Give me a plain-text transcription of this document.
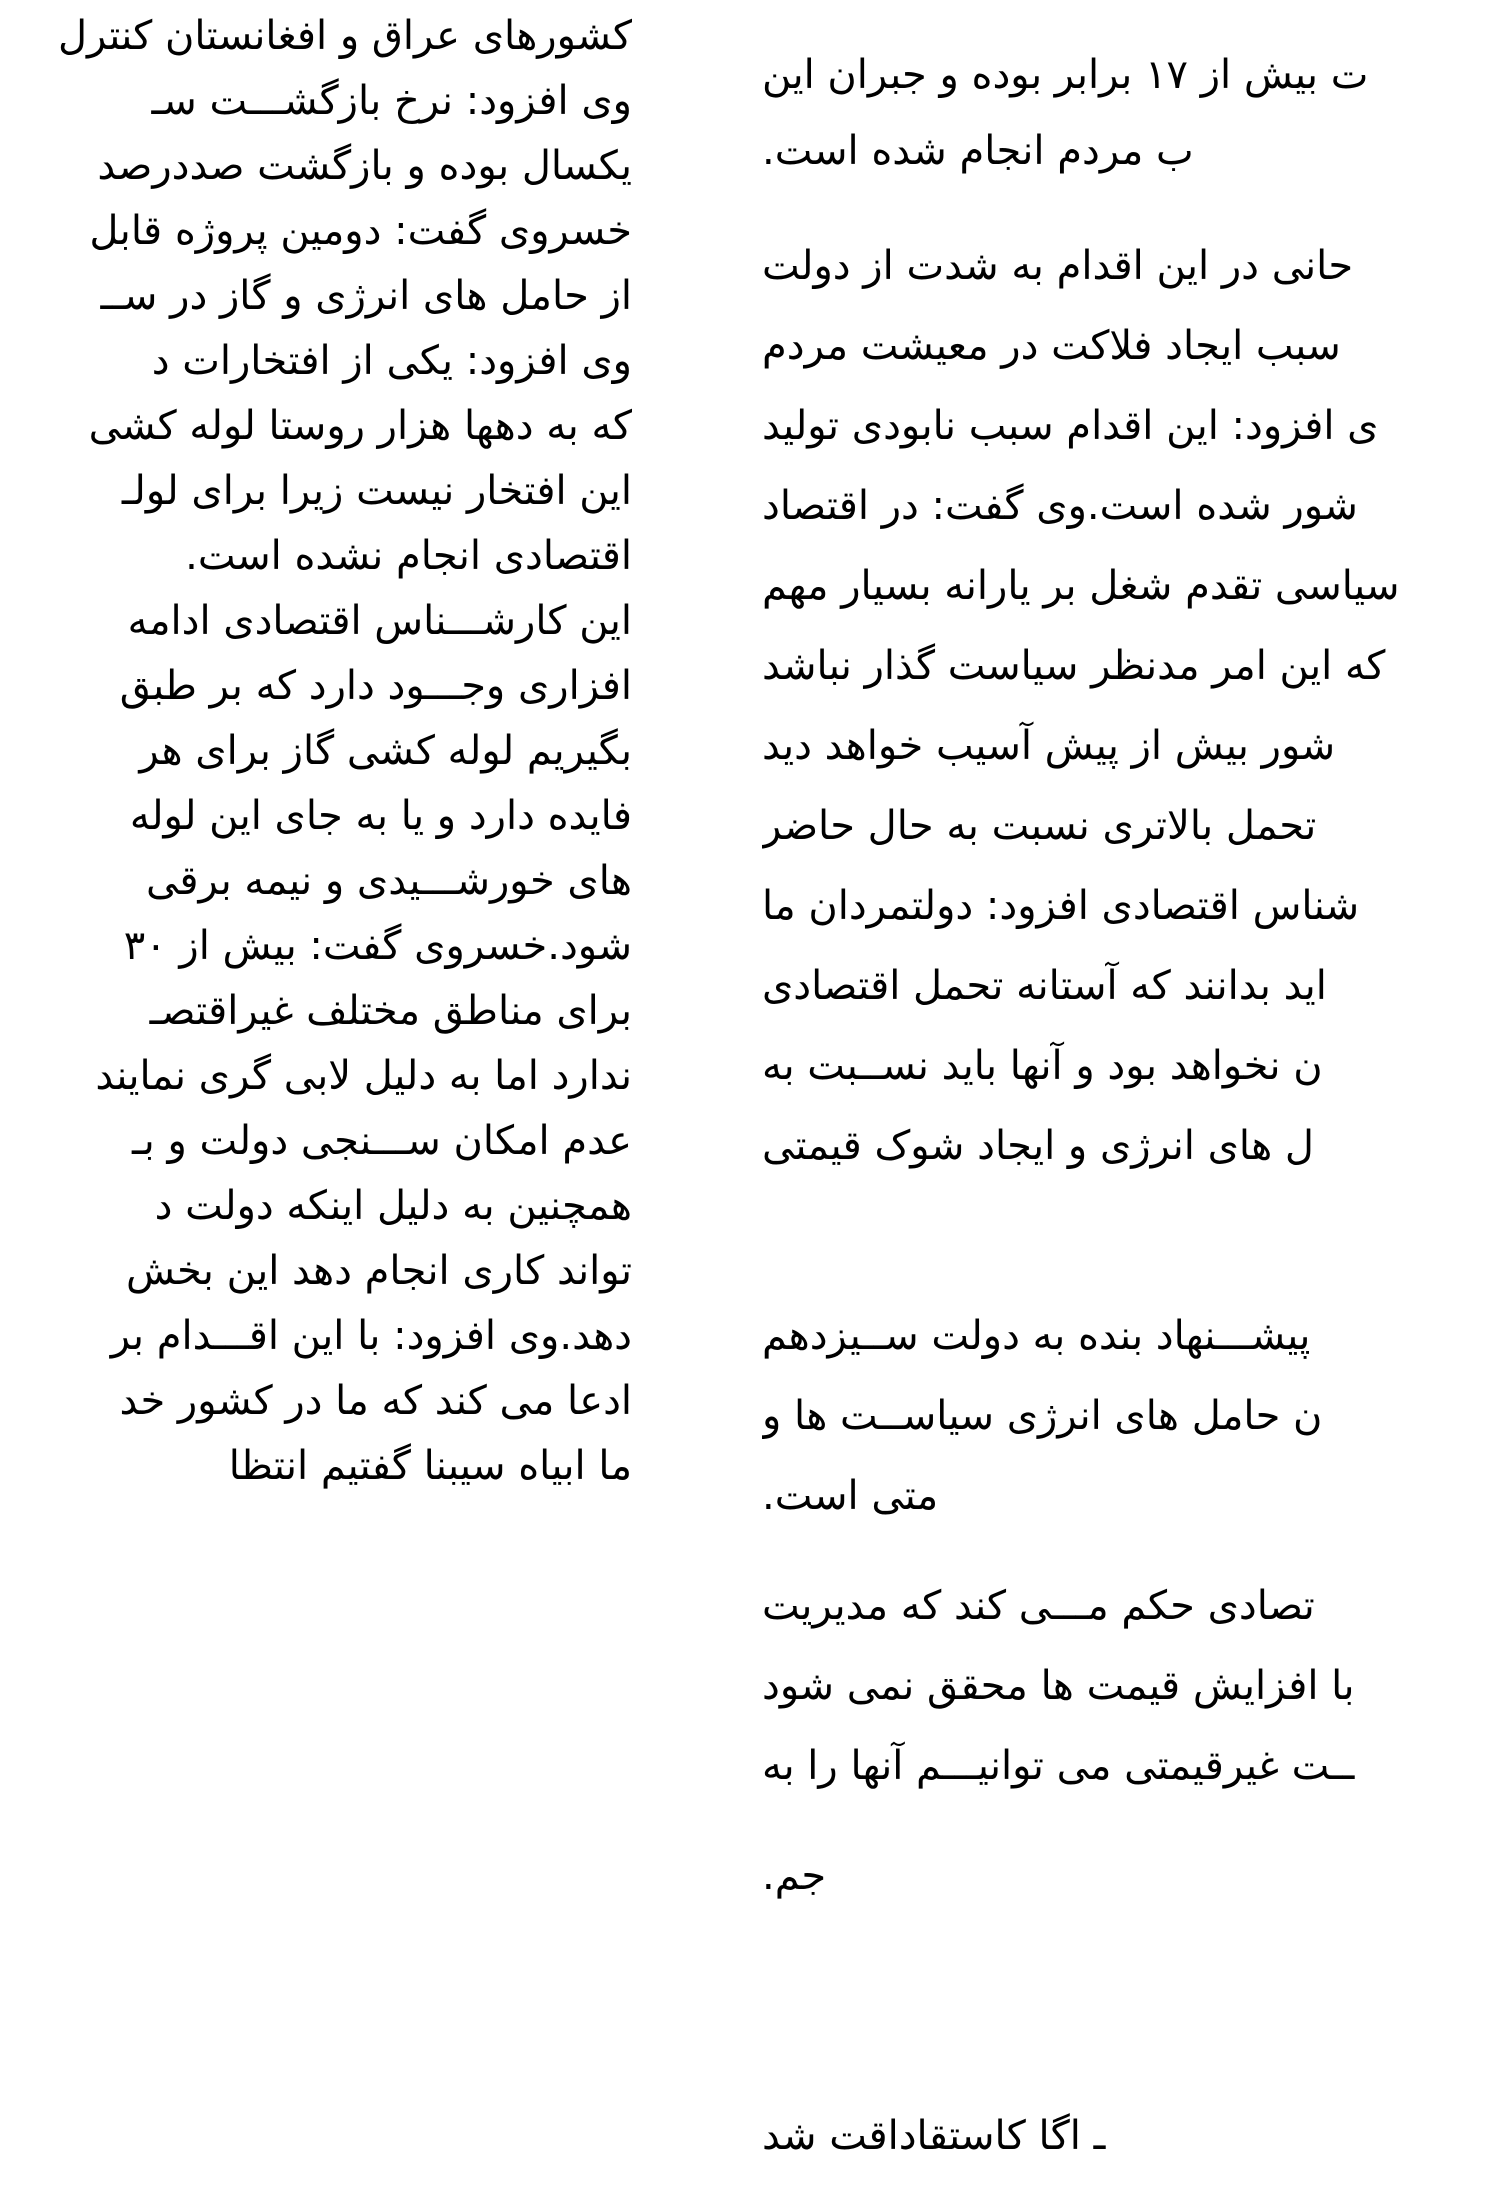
کشورهای عراق و افغانستان کنترل
وی افزود: نرخ بازگشـــت سـ
یکسال بوده و بازگشت صددرصد
خسروی گفت: دومین پروژه قابل
از حامل های انرژی و گاز در ســ
وی افزود: یکی از افتخارات د
که به دهها هزار روستا لوله کشی
این افتخار نیست زیرا برای لولـ
اقتصادی انجام نشده است.
این کارشـــناس اقتصادی ادامه
افزاری وجـــود دارد که بر طبق
بگیریم لوله کشی گاز برای هر
فایده دارد و یا به جای این لوله
های خورشـــیدی و نیمه برقی
شود.خسروی گفت: بیش از ۳۰
برای مناطق مختلف غیراقتصـ
ندارد اما به دلیل لابی گری نمایند
عدم امکان ســـنجی دولت و بـ
همچنین به دلیل اینکه دولت د
تواند کاری انجام دهد این بخش
دهد.وی افزود: با این اقـــدام بر
ادعا می کند که ما در کشور خد
ما ابیاه سیبنا گفتیم انتظا
ت بیش از ۱۷ برابر بوده و جبران این
ب مردم انجام شده است.
حانی در این اقدام به شدت از دولت
سبب ایجاد فلاکت در معیشت مردم
ی افزود: این اقدام سبب نابودی تولید
شور شده است.وی گفت: در اقتصاد
سیاسی تقدم شغل بر یارانه بسیار مهم
که این امر مدنظر سیاست گذار نباشد
شور بیش از پیش آسیب خواهد دید
تحمل بالاتری نسبت به حال حاضر
شناس اقتصادی افزود: دولتمردان ما
اید بدانند که آستانه تحمل اقتصادی
ن نخواهد بود و آنها باید نســبت به
ل های انرژی و ایجاد شوک قیمتی
پیشـــنهاد بنده به دولت ســیزدهم
ن حامل های انرژی سیاســت ها و
متی است.
تصادی حکم مـــی کند که مدیریت
با افزایش قیمت ها محقق نمی شود
ــت غیرقیمتی می توانیـــم آنها را به
جم.
ـ اگا کاستقاداقت شد
